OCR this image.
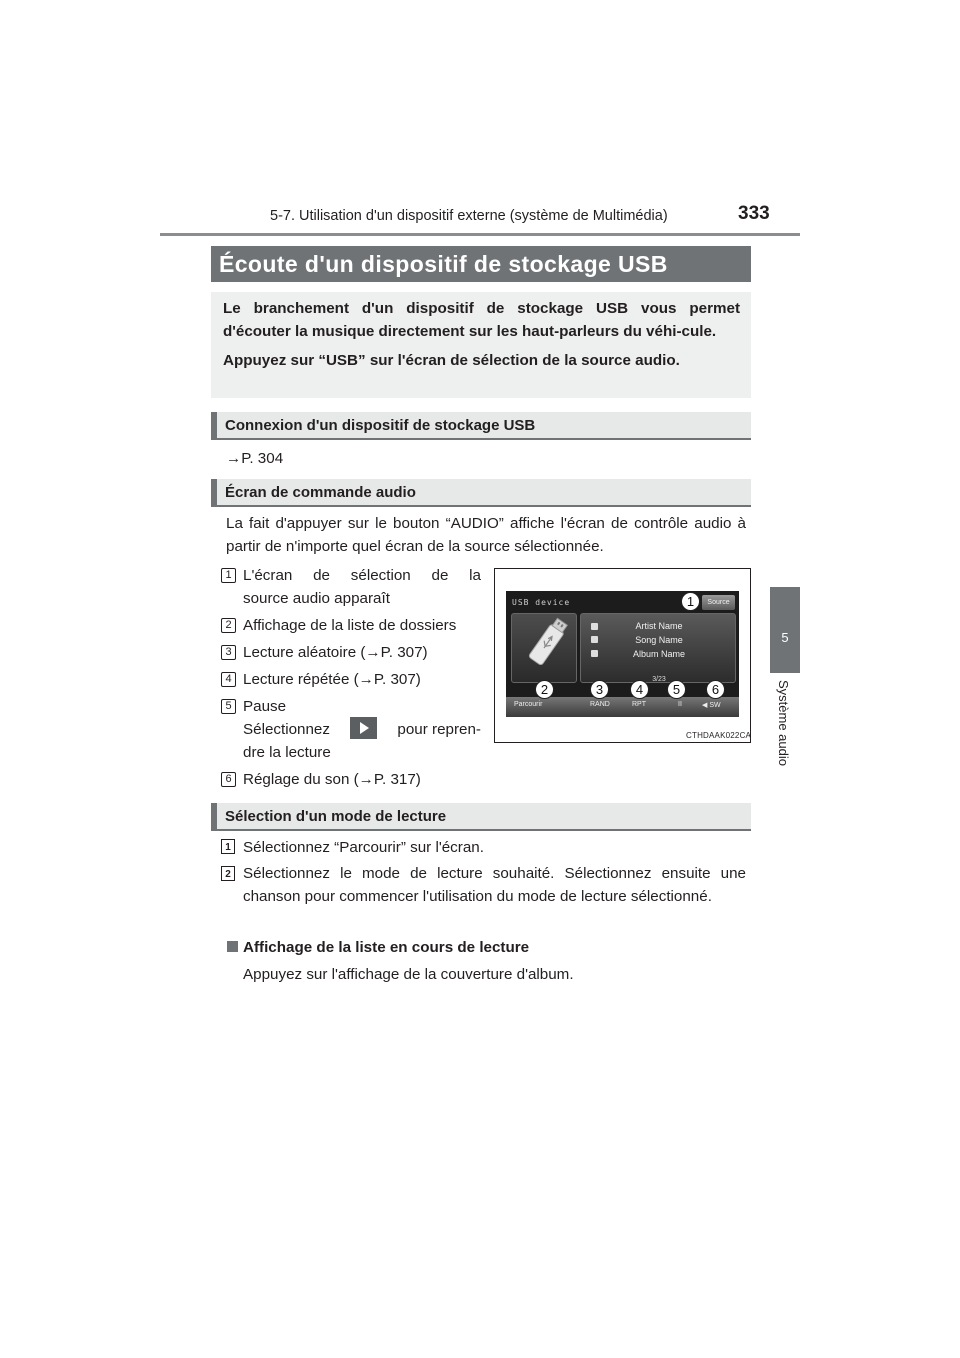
5-7. Utilisation d'un dispositif externe (système de Multimédia)	333
5
Système audio
Écoute d'un dispositif de stockage USB

Le branchement d'un dispositif de stockage USB vous permet d'écouter la musique directement sur les haut-parleurs du véhi-cule.

Appuyez sur “USB” sur l'écran de sélection de la source audio.

Connexion d'un dispositif de stockage USB
→P. 304
Écran de commande audio
La fait d'appuyer sur le bouton “AUDIO” affiche l'écran de contrôle audio à partir de n'importe quel écran de la source sélectionnée.
1 L'écran de sélection de la
source audio apparaît
2 Affichage de la liste de dossiers
3 Lecture aléatoire (→P. 307)
4 Lecture répétée (→P. 307)
5 Pause
Sélectionnez	pour repren-
dre la lecture
6 Réglage du son (→P. 317)
USB device	Source
Artist Name
Song Name
Album Name
3/23
Parcourir	RAND	RPT	II	◀ SW
1
2	3	4	5	6
CTHDAAK022CA
Sélection d'un mode de lecture
1 Sélectionnez “Parcourir” sur l'écran.
2 Sélectionnez le mode de lecture souhaité. Sélectionnez ensuite une chanson pour commencer l'utilisation du mode de lecture sélectionné.
Affichage de la liste en cours de lecture
Appuyez sur l'affichage de la couverture d'album.
